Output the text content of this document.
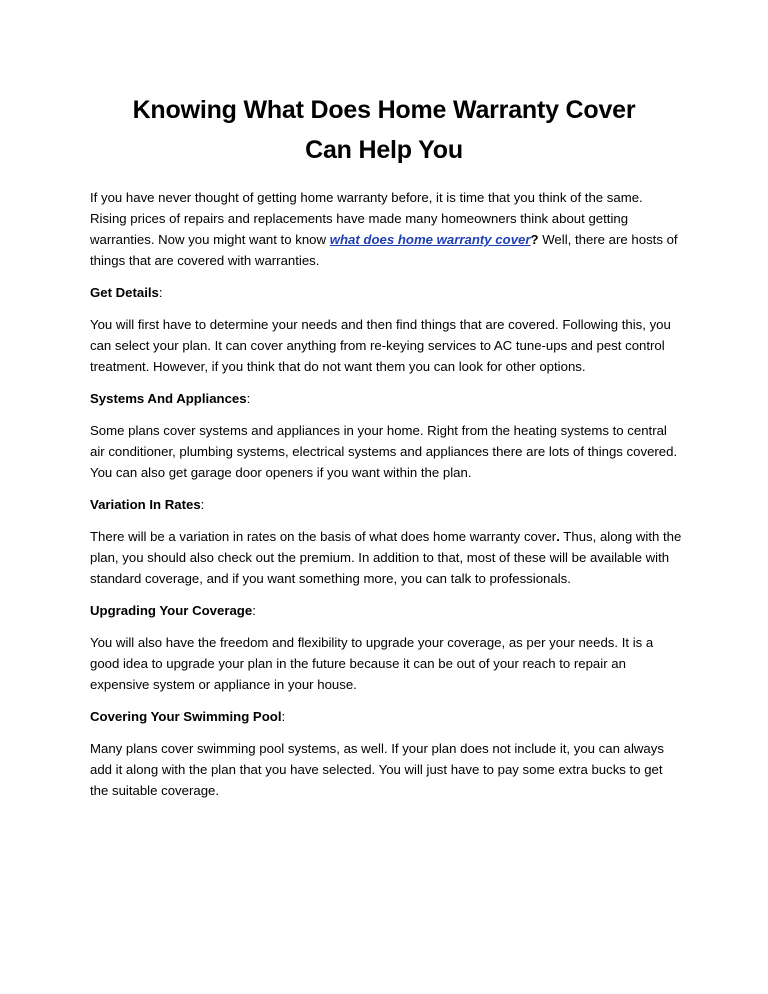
Knowing What Does Home Warranty Cover
Can Help You

If you have never thought of getting home warranty before, it is time that you think of the same. Rising prices of repairs and replacements have made many homeowners think about getting warranties. Now you might want to know what does home warranty cover? Well, there are hosts of things that are covered with warranties.

Get Details:

You will first have to determine your needs and then find things that are covered. Following this, you can select your plan. It can cover anything from re-keying services to AC tune-ups and pest control treatment. However, if you think that do not want them you can look for other options.

Systems And Appliances:

Some plans cover systems and appliances in your home. Right from the heating systems to central air conditioner, plumbing systems, electrical systems and appliances there are lots of things covered. You can also get garage door openers if you want within the plan.

Variation In Rates:

There will be a variation in rates on the basis of what does home warranty cover. Thus, along with the plan, you should also check out the premium. In addition to that, most of these will be available with standard coverage, and if you want something more, you can talk to professionals.

Upgrading Your Coverage:

You will also have the freedom and flexibility to upgrade your coverage, as per your needs. It is a good idea to upgrade your plan in the future because it can be out of your reach to repair an expensive system or appliance in your house.

Covering Your Swimming Pool:

Many plans cover swimming pool systems, as well. If your plan does not include it, you can always add it along with the plan that you have selected. You will just have to pay some extra bucks to get the suitable coverage.
